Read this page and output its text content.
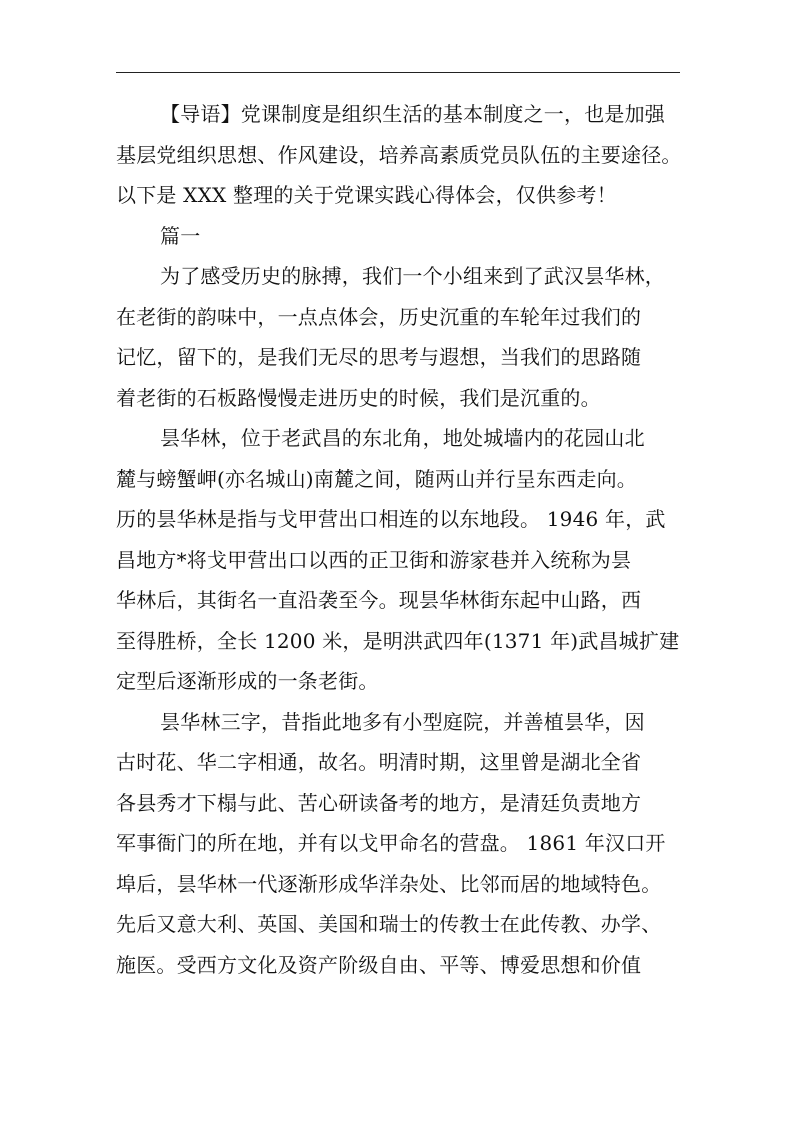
【导语】党课制度是组织生活的基本制度之一，也是加强
基层党组织思想、作风建设，培养高素质党员队伍的主要途径。
以下是 XXX 整理的关于党课实践心得体会，仅供参考！
篇一
为了感受历史的脉搏，我们一个小组来到了武汉昙华林，
在老街的韵味中，一点点体会，历史沉重的车轮年过我们的
记忆，留下的，是我们无尽的思考与遐想，当我们的思路随
着老街的石板路慢慢走进历史的时候，我们是沉重的。
昙华林，位于老武昌的东北角，地处城墙内的花园山北
麓与螃蟹岬(亦名城山)南麓之间，随两山并行呈东西走向。
历的昙华林是指与戈甲营出口相连的以东地段。 1946 年，武
昌地方*将戈甲营出口以西的正卫街和游家巷并入统称为昙
华林后，其街名一直沿袭至今。现昙华林街东起中山路，西
至得胜桥，全长 1200 米，是明洪武四年(1371 年)武昌城扩建
定型后逐渐形成的一条老街。
昙华林三字，昔指此地多有小型庭院，并善植昙华，因
古时花、华二字相通，故名。明清时期，这里曾是湖北全省
各县秀才下榻与此、苦心研读备考的地方，是清廷负责地方
军事衙门的所在地，并有以戈甲命名的营盘。 1861 年汉口开
埠后，昙华林一代逐渐形成华洋杂处、比邻而居的地域特色。
先后又意大利、英国、美国和瑞士的传教士在此传教、办学、
施医。受西方文化及资产阶级自由、平等、博爱思想和价值
